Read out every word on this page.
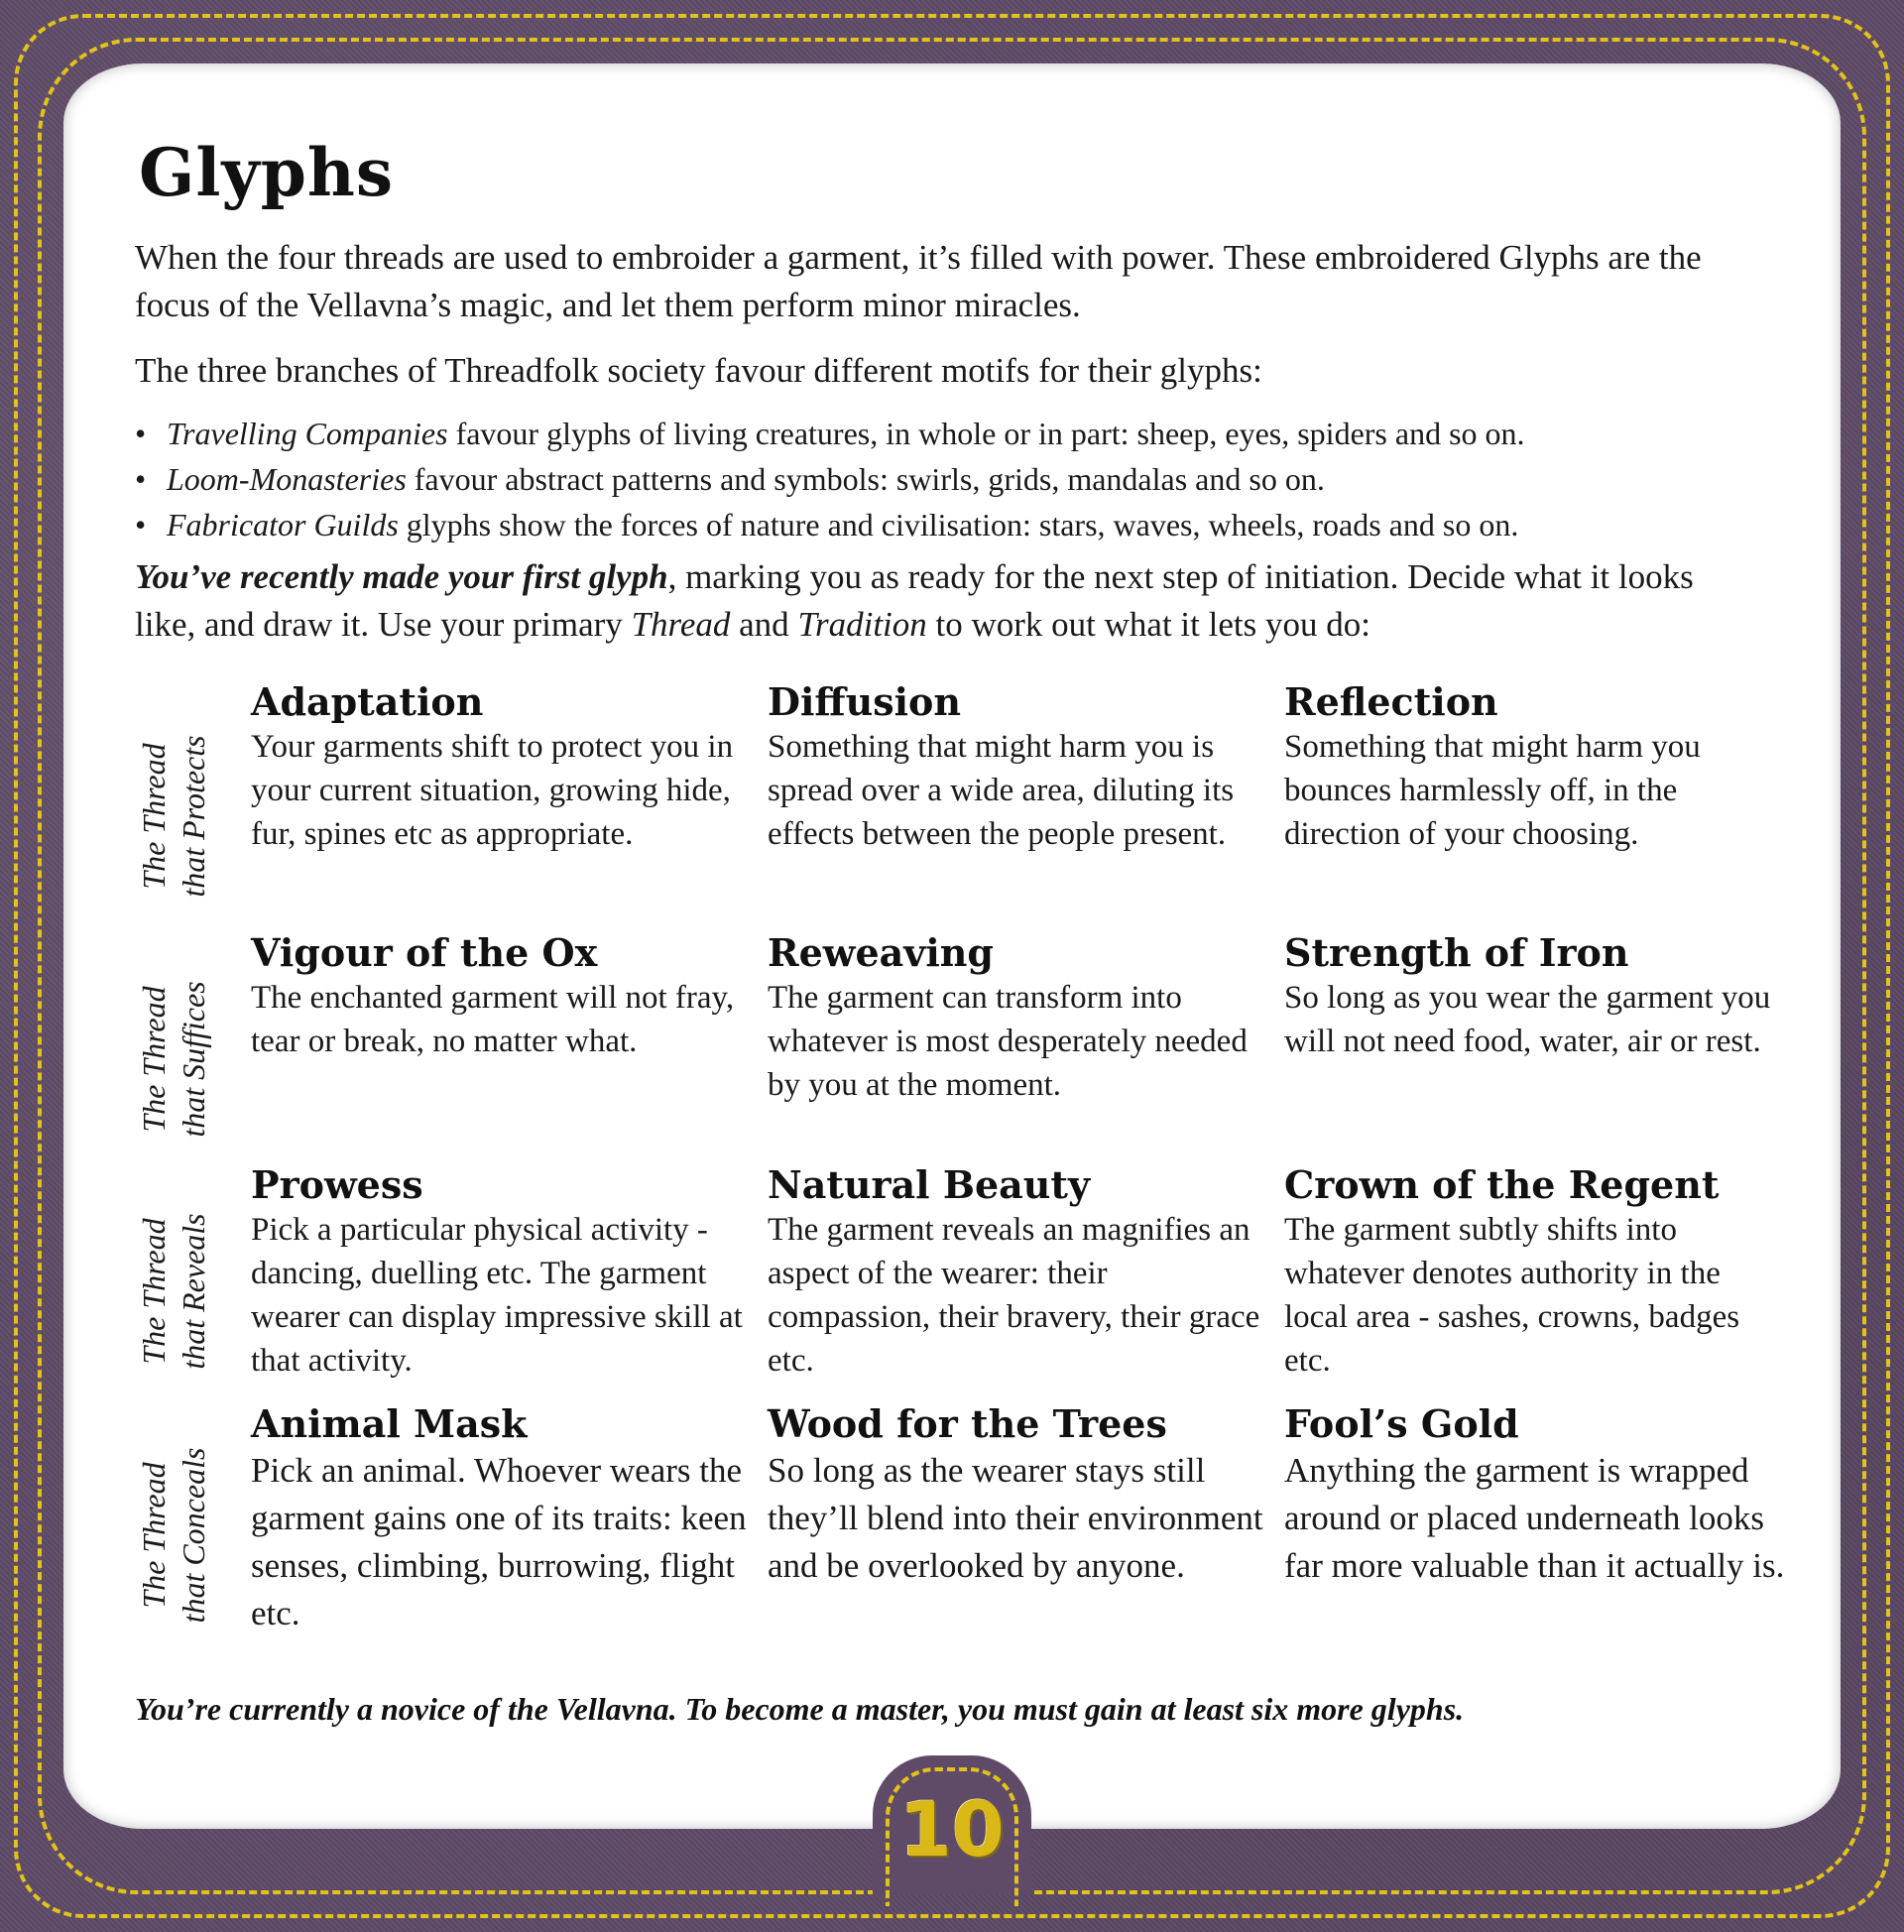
Glyphs

When the four threads are used to embroider a garment, it’s filled with power. These embroidered Glyphs are the focus of the Vellavna’s magic, and let them perform minor miracles.

The three branches of Threadfolk society favour different motifs for their glyphs:

• Travelling Companies favour glyphs of living creatures, in whole or in part: sheep, eyes, spiders and so on.
• Loom-Monasteries favour abstract patterns and symbols: swirls, grids, mandalas and so on.
• Fabricator Guilds glyphs show the forces of nature and civilisation: stars, waves, wheels, roads and so on.

You’ve recently made your first glyph, marking you as ready for the next step of initiation. Decide what it looks like, and draw it. Use your primary Thread and Tradition to work out what it lets you do:

The Thread that Protects
The Thread that Suffices
The Thread that Reveals
The Thread that Conceals
Adaptation

Your garments shift to protect you in your current situation, growing hide, fur, spines etc as appropriate.

Diffusion

Something that might harm you is spread over a wide area, diluting its effects between the people present.

Reflection

Something that might harm you bounces harmlessly off, in the direction of your choosing.

Vigour of the Ox

The enchanted garment will not fray, tear or break, no matter what.

Reweaving

The garment can transform into whatever is most desperately needed by you at the moment.

Strength of Iron

So long as you wear the garment you will not need food, water, air or rest.

Prowess

Pick a particular physical activity - dancing, duelling etc. The garment wearer can display impressive skill at that activity.

Natural Beauty

The garment reveals an magnifies an aspect of the wearer: their compassion, their bravery, their grace etc.

Crown of the Regent

The garment subtly shifts into whatever denotes authority in the local area - sashes, crowns, badges etc.

Animal Mask

Pick an animal. Whoever wears the garment gains one of its traits: keen senses, climbing, burrowing, flight etc.

Wood for the Trees

So long as the wearer stays still they’ll blend into their environment and be overlooked by anyone.

Fool’s Gold

Anything the garment is wrapped around or placed underneath looks far more valuable than it actually is.

You’re currently a novice of the Vellavna. To become a master, you must gain at least six more glyphs.

10
